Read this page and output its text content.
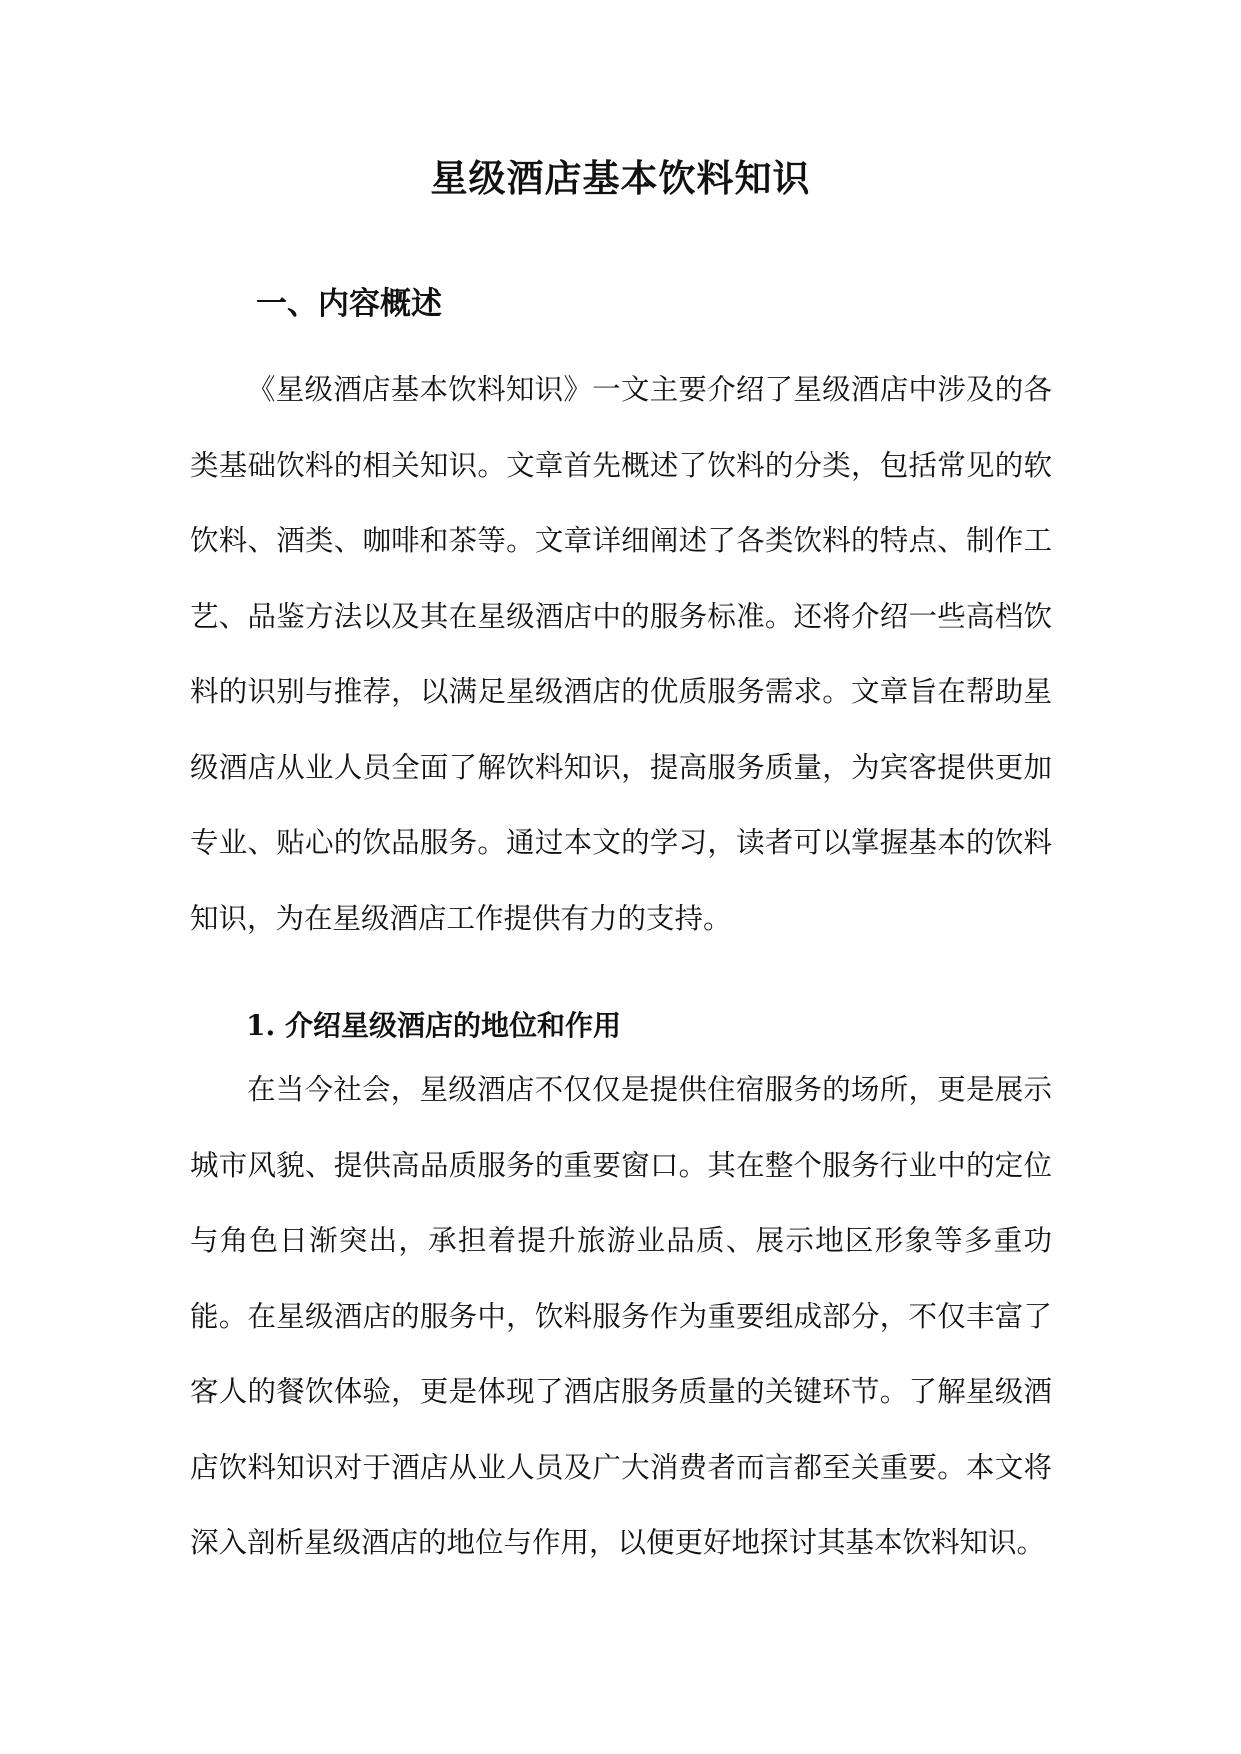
星级酒店基本饮料知识
一、内容概述

《星级酒店基本饮料知识》一文主要介绍了星级酒店中涉及的各类基础饮料的相关知识。文章首先概述了饮料的分类，包括常见的软饮料、酒类、咖啡和茶等。文章详细阐述了各类饮料的特点、制作工艺、品鉴方法以及其在星级酒店中的服务标准。还将介绍一些高档饮料的识别与推荐，以满足星级酒店的优质服务需求。文章旨在帮助星级酒店从业人员全面了解饮料知识，提高服务质量，为宾客提供更加专业、贴心的饮品服务。通过本文的学习，读者可以掌握基本的饮料知识，为在星级酒店工作提供有力的支持。

1. 介绍星级酒店的地位和作用

在当今社会，星级酒店不仅仅是提供住宿服务的场所，更是展示城市风貌、提供高品质服务的重要窗口。其在整个服务行业中的定位与角色日渐突出，承担着提升旅游业品质、展示地区形象等多重功能。在星级酒店的服务中，饮料服务作为重要组成部分，不仅丰富了客人的餐饮体验，更是体现了酒店服务质量的关键环节。了解星级酒店饮料知识对于酒店从业人员及广大消费者而言都至关重要。本文将深入剖析星级酒店的地位与作用，以便更好地探讨其基本饮料知识。
